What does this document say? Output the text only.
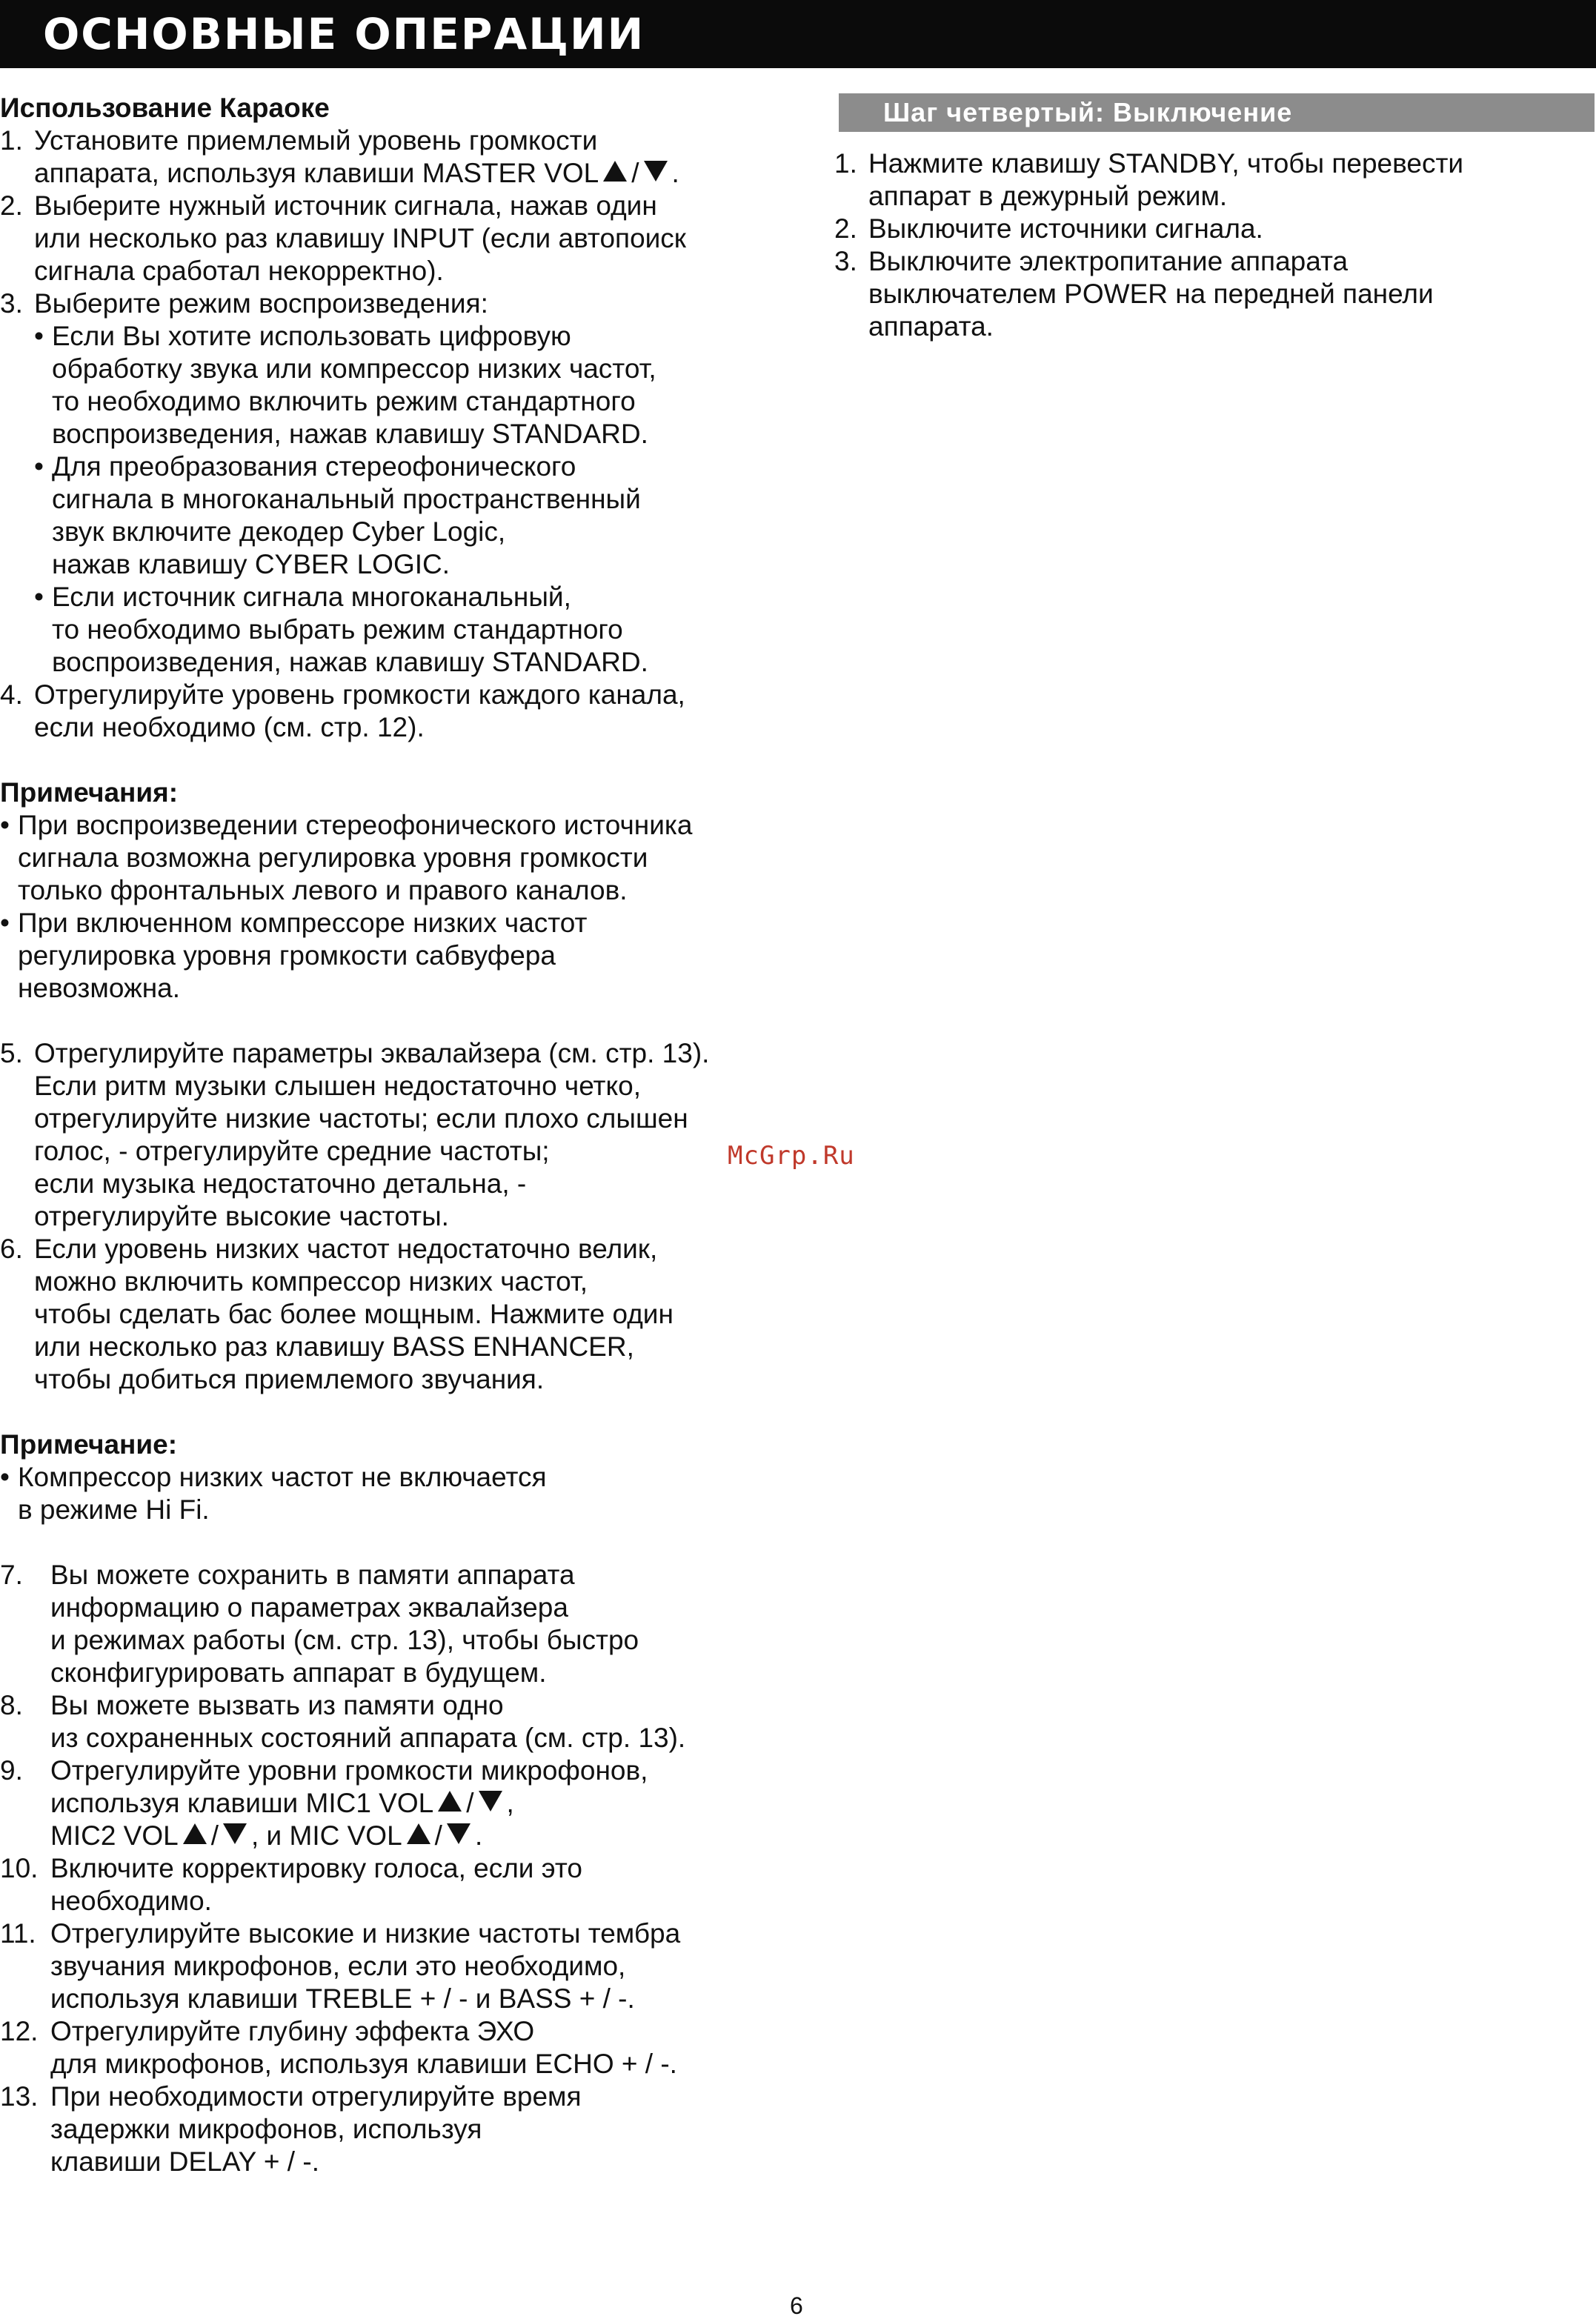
ОСНОВНЫЕ ОПЕРАЦИИ
Использование Караоке
1. Установите приемлемый уровень громкости
аппарата, используя клавиши MASTER VOL / .
2. Выберите нужный источник сигнала, нажав один
или несколько раз клавишу INPUT (если автопоиск
сигнала сработал некорректно).
3. Выберите режим воспроизведения:
• Если Вы хотите использовать цифровую
обработку звука или компрессор низких частот,
то необходимо включить режим стандартного
воспроизведения, нажав клавишу STANDARD.
• Для преобразования стереофонического
сигнала в многоканальный пространственный
звук включите декодер Cyber Logic,
нажав клавишу CYBER LOGIC.
• Если источник сигнала многоканальный,
то необходимо выбрать режим стандартного
воспроизведения, нажав клавишу STANDARD.
4. Отрегулируйте уровень громкости каждого канала,
если необходимо (см. стр. 12).
Примечания:
• При воспроизведении стереофонического источника
сигнала возможна регулировка уровня громкости
только фронтальных левого и правого каналов.
• При включенном компрессоре низких частот
регулировка уровня громкости сабвуфера
невозможна.
5. Отрегулируйте параметры эквалайзера (см. стр. 13).
Если ритм музыки слышен недостаточно четко,
отрегулируйте низкие частоты; если плохо слышен
голос, - отрегулируйте средние частоты;
если музыка недостаточно детальна, -
отрегулируйте высокие частоты.
6. Если уровень низких частот недостаточно велик,
можно включить компрессор низких частот,
чтобы сделать бас более мощным. Нажмите один
или несколько раз клавишу BASS ENHANCER,
чтобы добиться приемлемого звучания.
Примечание:
• Компрессор низких частот не включается
в режиме Hi Fi.
7.	Вы можете сохранить в памяти аппарата
информацию о параметрах эквалайзера
и режимах работы (см. стр. 13), чтобы быстро
сконфигурировать аппарат в будущем.
8.	Вы можете вызвать из памяти одно
из сохраненных состояний аппарата (см. стр. 13).
9.	Отрегулируйте уровни громкости микрофонов,
используя клавиши MIC1 VOL / ,
MIC2 VOL / , и MIC VOL / .
10. Включите корректировку голоса, если это
необходимо.
11. Отрегулируйте высокие и низкие частоты тембра
звучания микрофонов, если это необходимо,
используя клавиши TREBLE + / - и BASS + / -.
12. Отрегулируйте глубину эффекта ЭХО
для микрофонов, используя клавиши ECHO + / -.
13. При необходимости отрегулируйте время
задержки микрофонов, используя
клавиши DELAY + / -.
Шаг четвертый: Выключение
1. Нажмите клавишу STANDBY, чтобы перевести
аппарат в дежурный режим.
2. Выключите источники сигнала.
3. Выключите электропитание аппарата
выключателем POWER на передней панели
аппарата.
McGrp.Ru
6
